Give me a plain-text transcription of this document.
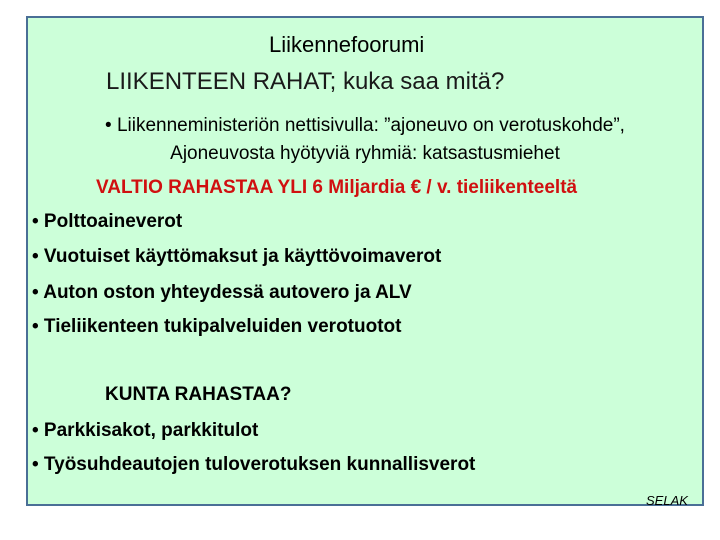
Liikennefoorumi
LIIKENTEEN RAHAT; kuka saa mitä?
• Liikenneministeriön nettisivulla: ”ajoneuvo on verotuskohde”,
Ajoneuvosta hyötyviä ryhmiä: katsastusmiehet
VALTIO RAHASTAA YLI 6 Miljardia € / v. tieliikenteeltä
• Polttoaineverot
• Vuotuiset käyttömaksut ja käyttövoimaverot
• Auton oston yhteydessä autovero ja ALV
• Tieliikenteen tukipalveluiden verotuotot
KUNTA RAHASTAA?
• Parkkisakot, parkkitulot
• Työsuhdeautojen tuloverotuksen kunnallisverot
SELAK
